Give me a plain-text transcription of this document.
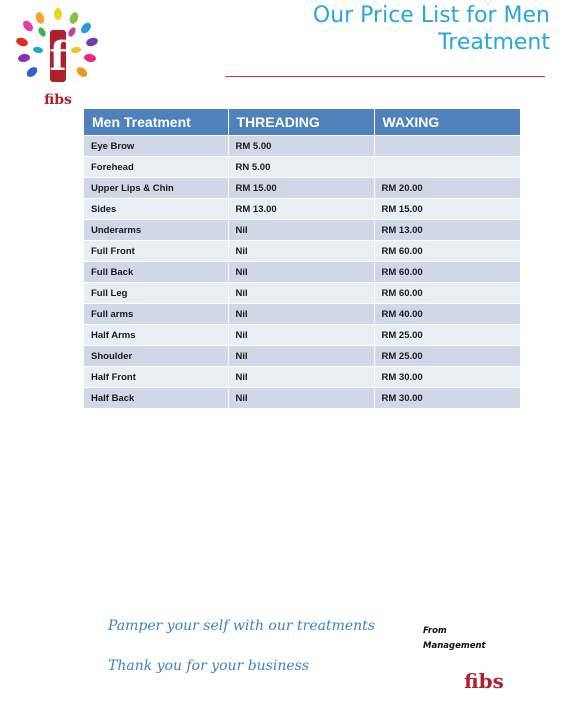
f
fibs
Our Price List for Men
Treatment
Men Treatment	THREADING	WAXING
Eye Brow	RM 5.00	
Forehead	RN 5.00	
Upper Lips & Chin	RM 15.00	RM 20.00
Sides	RM 13.00	RM 15.00
Underarms	Nil	RM 13.00
Full Front	Nil	RM 60.00
Full Back	Nil	RM 60.00
Full Leg	Nil	RM 60.00
Full arms	Nil	RM 40.00
Half Arms	Nil	RM 25.00
Shoulder	Nil	RM 25.00
Half Front	Nil	RM 30.00
Half Back	Nil	RM 30.00
Pamper your self with our treatments
Thank you for your business
From
Management
fibs
